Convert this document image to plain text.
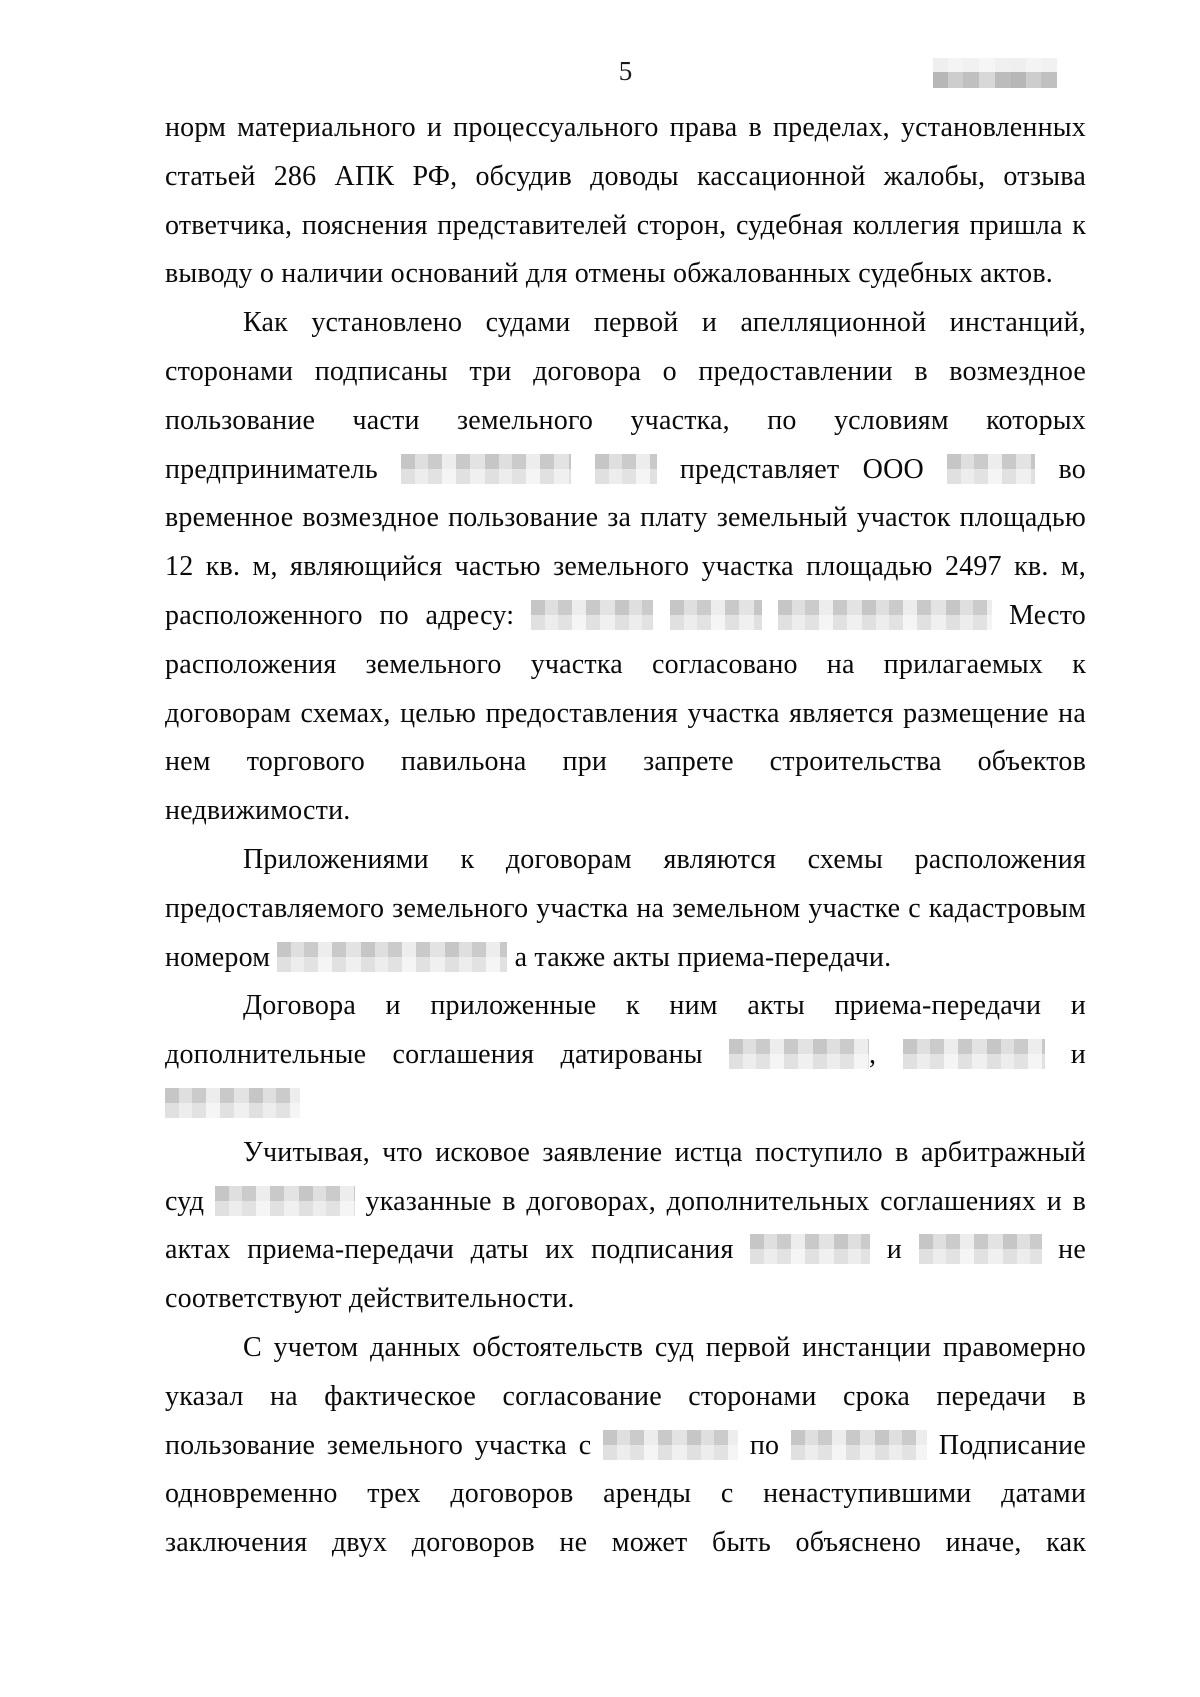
5

норм материального и процессуального права в пределах, установленных статьей 286 АПК РФ, обсудив доводы кассационной жалобы, отзыва ответчика, пояснения представителей сторон, судебная коллегия пришла к выводу о наличии оснований для отмены обжалованных судебных актов.

Как установлено судами первой и апелляционной инстанций, сторонами подписаны три договора о предоставлении в возмездное пользование части земельного участка, по условиям которых предприниматель	представляет ООО	во временное возмездное пользование за плату земельный участок площадью 12 кв. м, являющийся частью земельного участка площадью 2497 кв. м, расположенного по адресу:	Место расположения земельного участка согласовано на прилагаемых к договорам схемах, целью предоставления участка является размещение на нем торгового павильона при запрете строительства объектов недвижимости.

Приложениями к договорам являются схемы расположения предоставляемого земельного участка на земельном участке с кадастровым номером	а также акты приема-передачи.

Договора и приложенные к ним акты приема-передачи и дополнительные соглашения датированы	,	и

Учитывая, что исковое заявление истца поступило в арбитражный суд	указанные в договорах, дополнительных соглашениях и в актах приема-передачи даты их подписания	и	не соответствуют действительности.

С учетом данных обстоятельств суд первой инстанции правомерно указал на фактическое согласование сторонами срока передачи в пользование земельного участка с	по	Подписание одновременно трех договоров аренды с ненаступившими датами заключения двух договоров не может быть объяснено иначе, как
